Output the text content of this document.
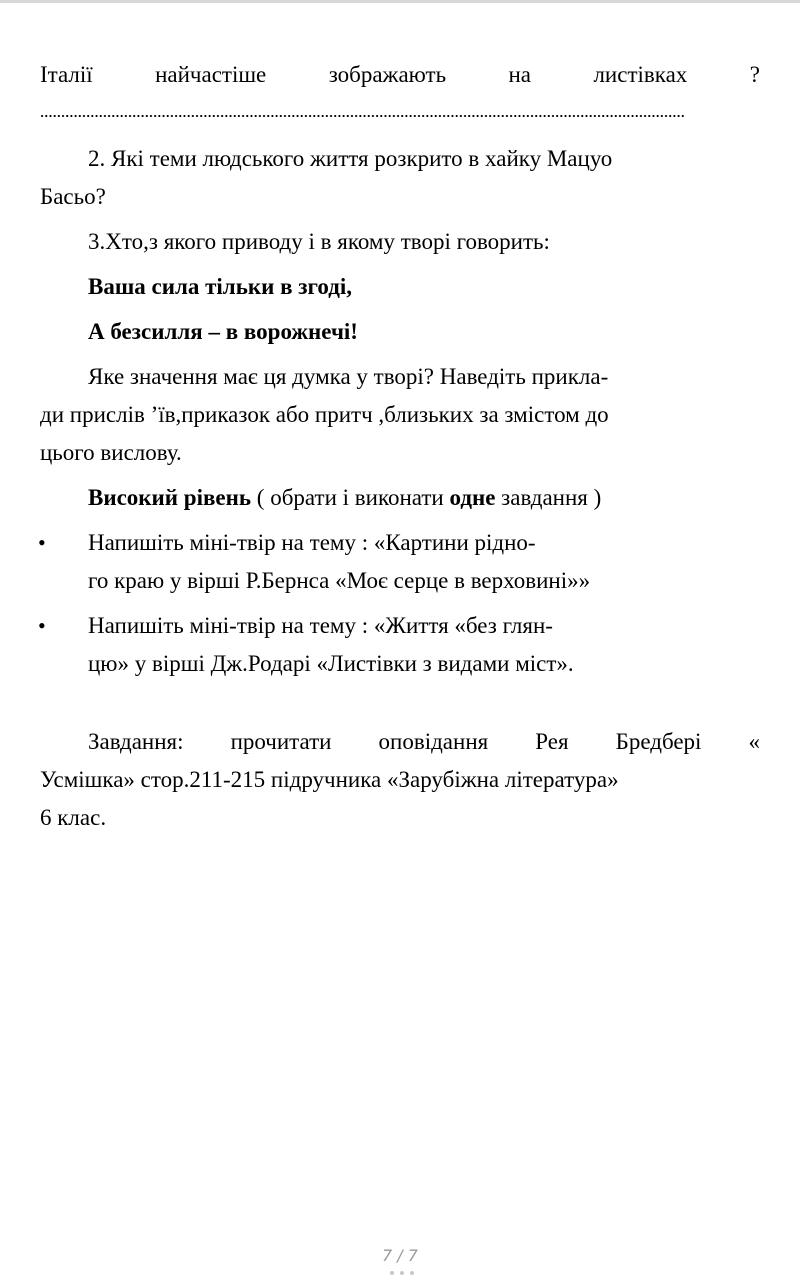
Італії	найчастіше	зображають	на	листівках	?
2. Які теми людського життя розкрито в хайку Мацуо
Басьо?
3.Хто,з якого приводу і в якому творі говорить:
Ваша сила тільки в згоді,
А безсилля – в ворожнечі!
Яке значення має ця думка у творі? Наведіть прикла-
ди прислів ’їв,приказок або притч ,близьких за змістом до
цього вислову.
Високий рівень ( обрати і виконати одне завдання )
• Напишіть міні-твір на тему : «Картини рідно-
го краю у вірші Р.Бернса «Моє серце в верховині»»
• Напишіть міні-твір на тему : «Життя «без глян-
цю» у вірші Дж.Родарі «Листівки з видами міст».
Завдання: прочитати оповідання Рея Бредбері «
Усмішка» стор.211-215 підручника «Зарубіжна література»
6 клас.
7 / 7
